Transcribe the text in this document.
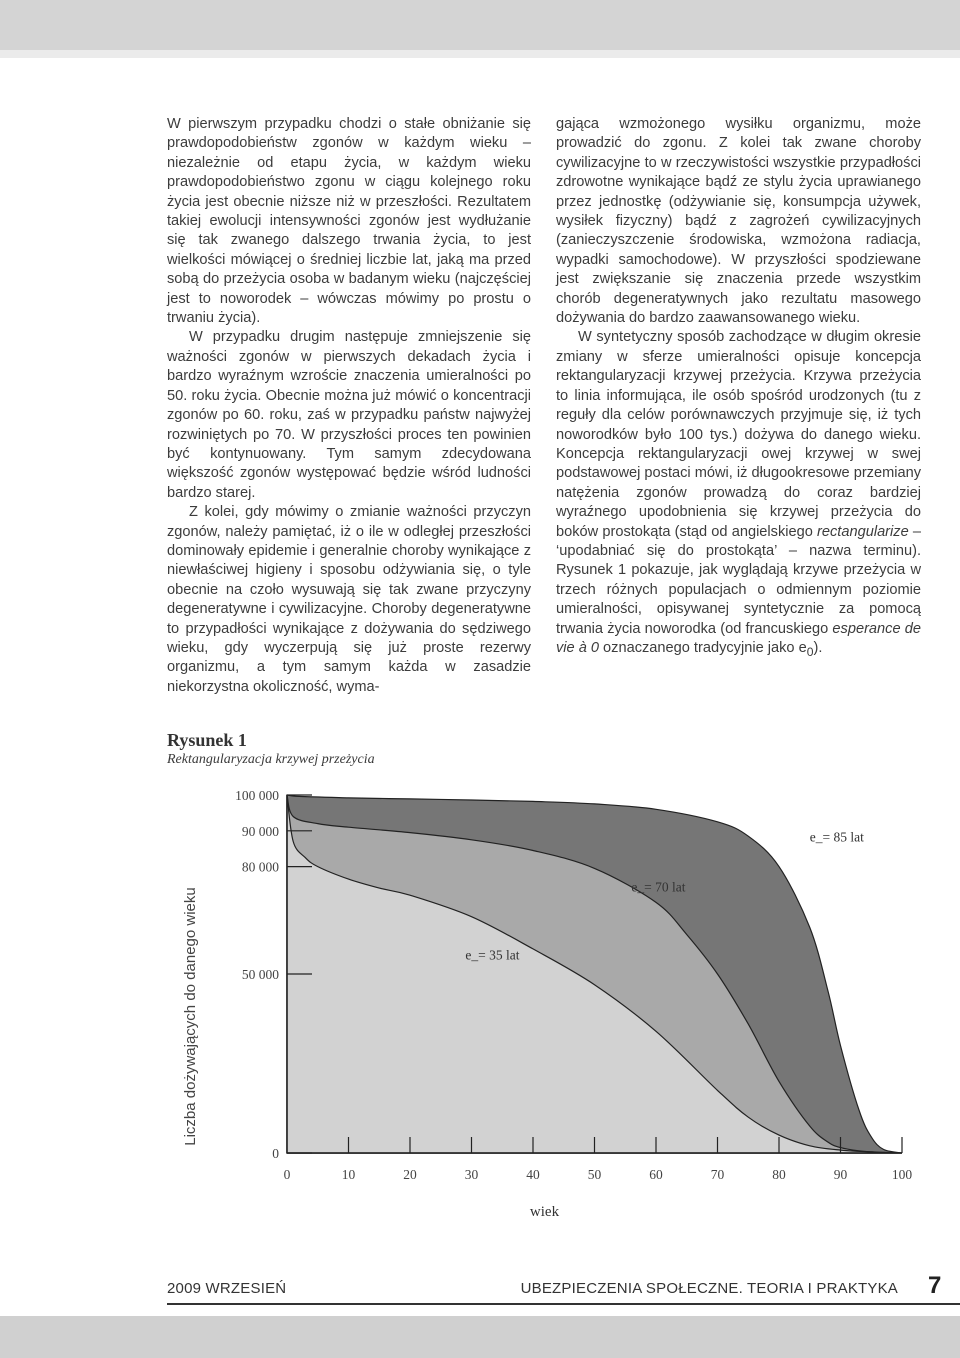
W pierwszym przypadku chodzi o stałe obniżanie się prawdopodobieństw zgonów w każdym wieku – niezależnie od etapu życia, w każdym wieku prawdopodobieństwo zgonu w ciągu kolejnego roku życia jest obecnie niższe niż w przeszłości. Rezultatem takiej ewolucji intensywności zgonów jest wydłużanie się tak zwanego dalszego trwania życia, to jest wielkości mówiącej o średniej liczbie lat, jaką ma przed sobą do przeżycia osoba w badanym wieku (najczęściej jest to noworodek – wówczas mówimy po prostu o trwaniu życia).

W przypadku drugim następuje zmniejszenie się ważności zgonów w pierwszych dekadach życia i bardzo wyraźnym wzroście znaczenia umieralności po 50. roku życia. Obecnie można już mówić o koncentracji zgonów po 60. roku, zaś w przypadku państw najwyżej rozwiniętych po 70. W przyszłości proces ten powinien być kontynuowany. Tym samym zdecydowana większość zgonów występować będzie wśród ludności bardzo starej.

Z kolei, gdy mówimy o zmianie ważności przyczyn zgonów, należy pamiętać, iż o ile w odległej przeszłości dominowały epidemie i generalnie choroby wynikające z niewłaściwej higieny i sposobu odżywiania się, o tyle obecnie na czoło wysuwają się tak zwane przyczyny degeneratywne i cywilizacyjne. Choroby degeneratywne to przypadłości wynikające z dożywania do sędziwego wieku, gdy wyczerpują się już proste rezerwy organizmu, a tym samym każda w zasadzie niekorzystna okoliczność, wyma-

gająca wzmożonego wysiłku organizmu, może prowadzić do zgonu. Z kolei tak zwane choroby cywilizacyjne to w rzeczywistości wszystkie przypadłości zdrowotne wynikające bądź ze stylu życia uprawianego przez jednostkę (odżywianie się, konsumpcja używek, wysiłek fizyczny) bądź z zagrożeń cywilizacyjnych (zanieczyszczenie środowiska, wzmożona radiacja, wypadki samochodowe). W przyszłości spodziewane jest zwiększanie się znaczenia przede wszystkim chorób degeneratywnych jako rezultatu masowego dożywania do bardzo zaawansowanego wieku.

W syntetyczny sposób zachodzące w długim okresie zmiany w sferze umieralności opisuje koncepcja rektangularyzacji krzywej przeżycia. Krzywa przeżycia to linia informująca, ile osób spośród urodzonych (tu z reguły dla celów porównawczych przyjmuje się, iż tych noworodków było 100 tys.) dożywa do danego wieku. Koncepcja rektangularyzacji owej krzywej w swej podstawowej postaci mówi, iż długookresowe przemiany natężenia zgonów prowadzą do coraz bardziej wyraźnego upodobnienia się krzywej przeżycia do boków prostokąta (stąd od angielskiego rectangularize – ‘upodabniać się do prostokąta’ – nazwa terminu). Rysunek 1 pokazuje, jak wyglądają krzywe przeżycia w trzech różnych populacjach o odmiennym poziomie umieralności, opisywanej syntetycznie za pomocą trwania życia noworodka (od francuskiego esperance de vie à 0 oznaczanego tradycyjnie jako $e_0$).

Rysunek 1
Rektangularyzacja krzywej przeżycia
100 000
90 000
80 000
50 000
0
0	10	20	30	40	50	60	70	80	90	100
wiek
Liczba dożywających do danego wieku
e_= 85 lat
e_= 70 lat
e_= 35 lat
2009 WRZESIEŃ	UBEZPIECZENIA SPOŁECZNE. TEORIA I PRAKTYKA 7
